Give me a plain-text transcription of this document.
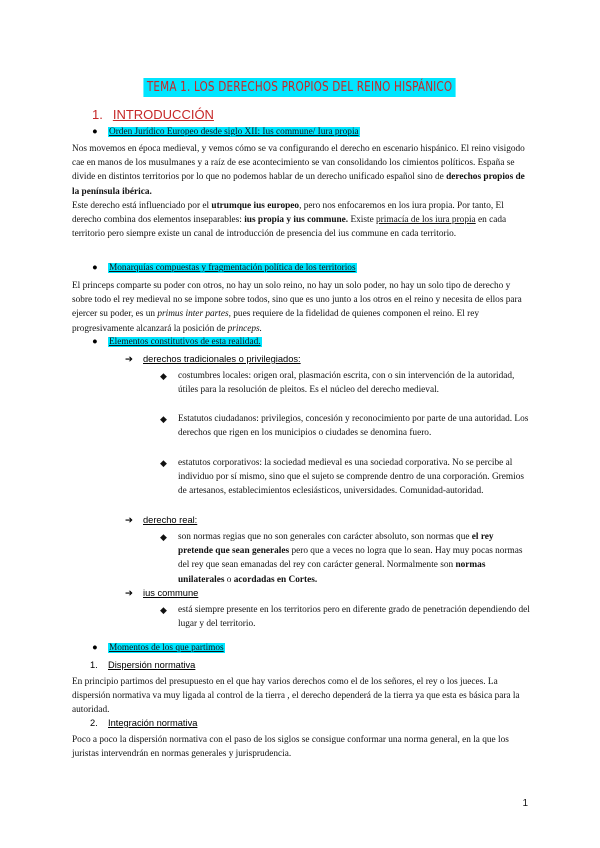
TEMA 1. LOS DERECHOS PROPIOS DEL REINO HISPÁNICO
1. INTRODUCCIÓN
● Orden Jurídico Europeo desde siglo XII: Ius commune/ Iura propia
Nos movemos en época medieval, y vemos cómo se va configurando el derecho en escenario hispánico. El reino visigodo cae en manos de los musulmanes y a raíz de ese acontecimiento se van consolidando los cimientos políticos. España se divide en distintos territorios por lo que no podemos hablar de un derecho unificado español sino de derechos propios de la península ibérica.
Este derecho está influenciado por el utrumque ius europeo, pero nos enfocaremos en los iura propia. Por tanto, El derecho combina dos elementos inseparables: ius propia y ius commune. Existe primacía de los iura propia en cada territorio pero siempre existe un canal de introducción de presencia del ius commune en cada territorio.
● Monarquías compuestas y fragmentación política de los territorios
El princeps comparte su poder con otros, no hay un solo reino, no hay un solo poder, no hay un solo tipo de derecho y sobre todo el rey medieval no se impone sobre todos, sino que es uno junto a los otros en el reino y necesita de ellos para ejercer su poder, es un primus inter partes, pues requiere de la fidelidad de quienes componen el reino. El rey progresivamente alcanzará la posición de princeps.
● Elementos constitutivos de esta realidad.
➔ derechos tradicionales o privilegiados:
◆ costumbres locales: origen oral, plasmación escrita, con o sin intervención de la autoridad, útiles para la resolución de pleitos. Es el núcleo del derecho medieval.
◆ Estatutos ciudadanos: privilegios, concesión y reconocimiento por parte de una autoridad. Los derechos que rigen en los municipios o ciudades se denomina fuero.
◆ estatutos corporativos: la sociedad medieval es una sociedad corporativa. No se percibe al individuo por sí mismo, sino que el sujeto se comprende dentro de una corporación. Gremios de artesanos, establecimientos eclesiásticos, universidades. Comunidad-autoridad.
➔ derecho real:
◆ son normas regias que no son generales con carácter absoluto, son normas que el rey pretende que sean generales pero que a veces no logra que lo sean. Hay muy pocas normas del rey que sean emanadas del rey con carácter general. Normalmente son normas unilaterales o acordadas en Cortes.
➔ ius commune
◆ está siempre presente en los territorios pero en diferente grado de penetración dependiendo del lugar y del territorio.
● Momentos de los que partimos
1. Dispersión normativa
En principio partimos del presupuesto en el que hay varios derechos como el de los señores, el rey o los jueces. La dispersión normativa va muy ligada al control de la tierra , el derecho dependerá de la tierra ya que esta es básica para la autoridad.
2. Integración normativa
Poco a poco la dispersión normativa con el paso de los siglos se consigue conformar una norma general, en la que los juristas intervendrán en normas generales y jurisprudencia.
1
